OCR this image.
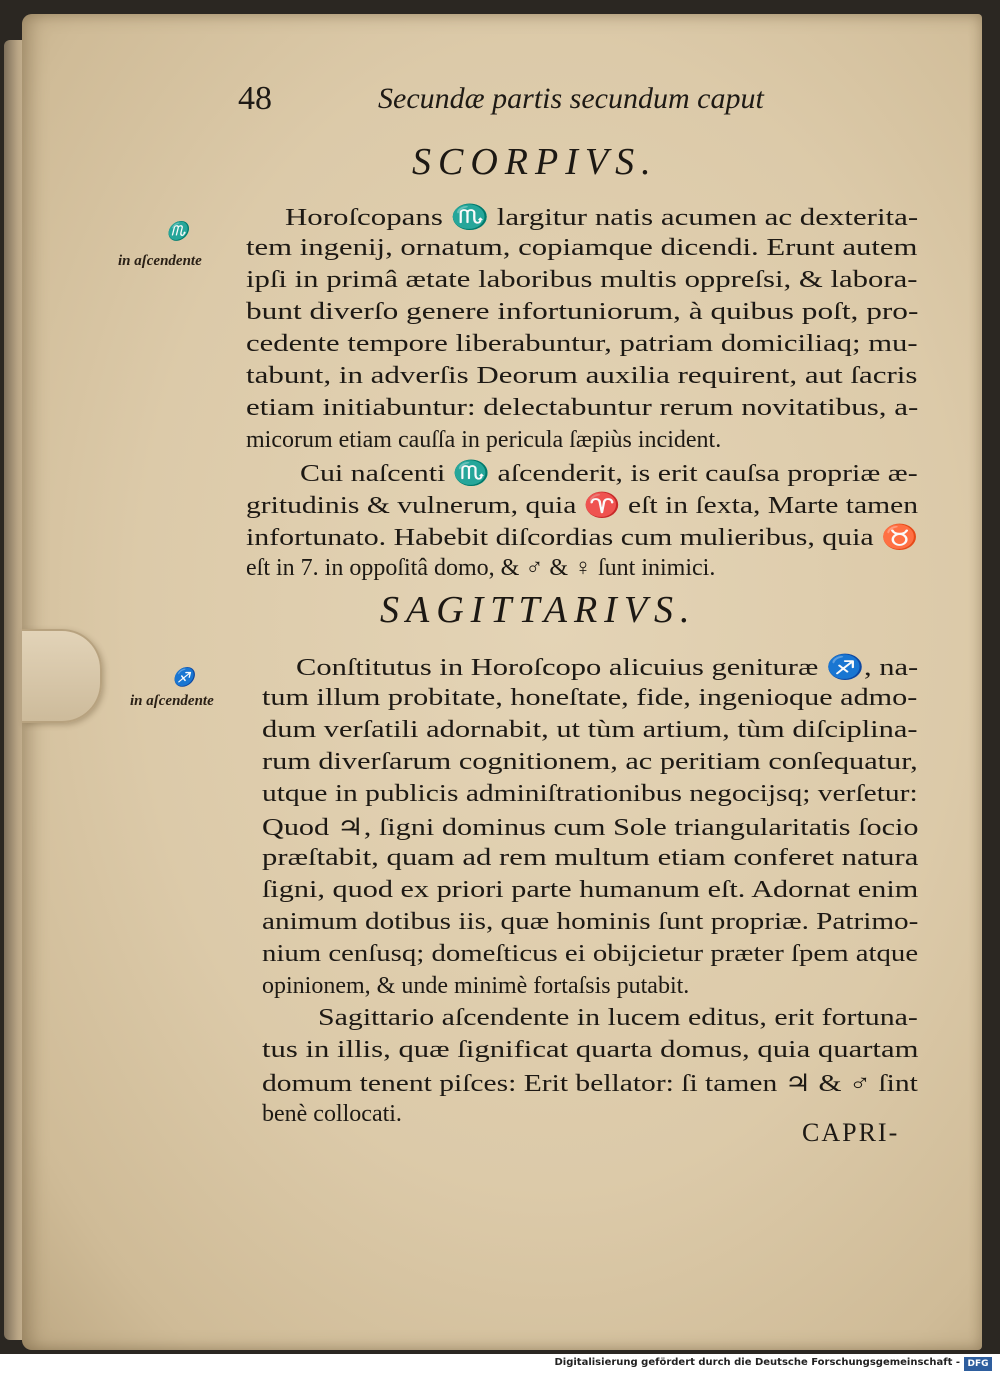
48	Secundæ partis secundum caput
SCORPIVS.
♏
in aſcendente
Horoſcopans ♏ largitur natis acumen ac dexterita-
tem ingenij, ornatum, copiamque dicendi. Erunt autem
ipſi in primâ ætate laboribus multis oppreſsi, & labora-
bunt diverſo genere infortuniorum, à quibus poſt, pro-
cedente tempore liberabuntur, patriam domiciliaq; mu-
tabunt, in adverſis Deorum auxilia requirent, aut ſacris
etiam initiabuntur: delectabuntur rerum novitatibus, a-
micorum etiam cauſſa in pericula ſæpiùs incident.
Cui naſcenti ♏ aſcenderit, is erit cauſsa propriæ æ-
gritudinis & vulnerum, quia ♈ eſt in ſexta, Marte tamen
infortunato. Habebit diſcordias cum mulieribus, quia ♉
eſt in 7. in oppoſitâ domo, & ♂ & ♀ ſunt inimici.
SAGITTARIVS.
♐
in aſcendente
Conſtitutus in Horoſcopo alicuius genituræ ♐, na-
tum illum probitate, honeſtate, fide, ingenioque admo-
dum verſatili adornabit, ut tùm artium, tùm diſciplina-
rum diverſarum cognitionem, ac peritiam conſequatur,
utque in publicis adminiſtrationibus negocijsq; verſetur:
Quod ♃, ſigni dominus cum Sole triangularitatis ſocio
præſtabit, quam ad rem multum etiam conferet natura
ſigni, quod ex priori parte humanum eſt. Adornat enim
animum dotibus iis, quæ hominis ſunt propriæ. Patrimo-
nium cenſusq; domeſticus ei obijcietur præter ſpem atque
opinionem, & unde minimè fortaſsis putabit.
Sagittario aſcendente in lucem editus, erit fortuna-
tus in illis, quæ ſignificat quarta domus, quia quartam
domum tenent piſces: Erit bellator: ſi tamen ♃ & ♂ ſint
benè collocati.
CAPRI-
Digitalisierung gefördert durch die Deutsche Forschungsgemeinschaft - DFG
